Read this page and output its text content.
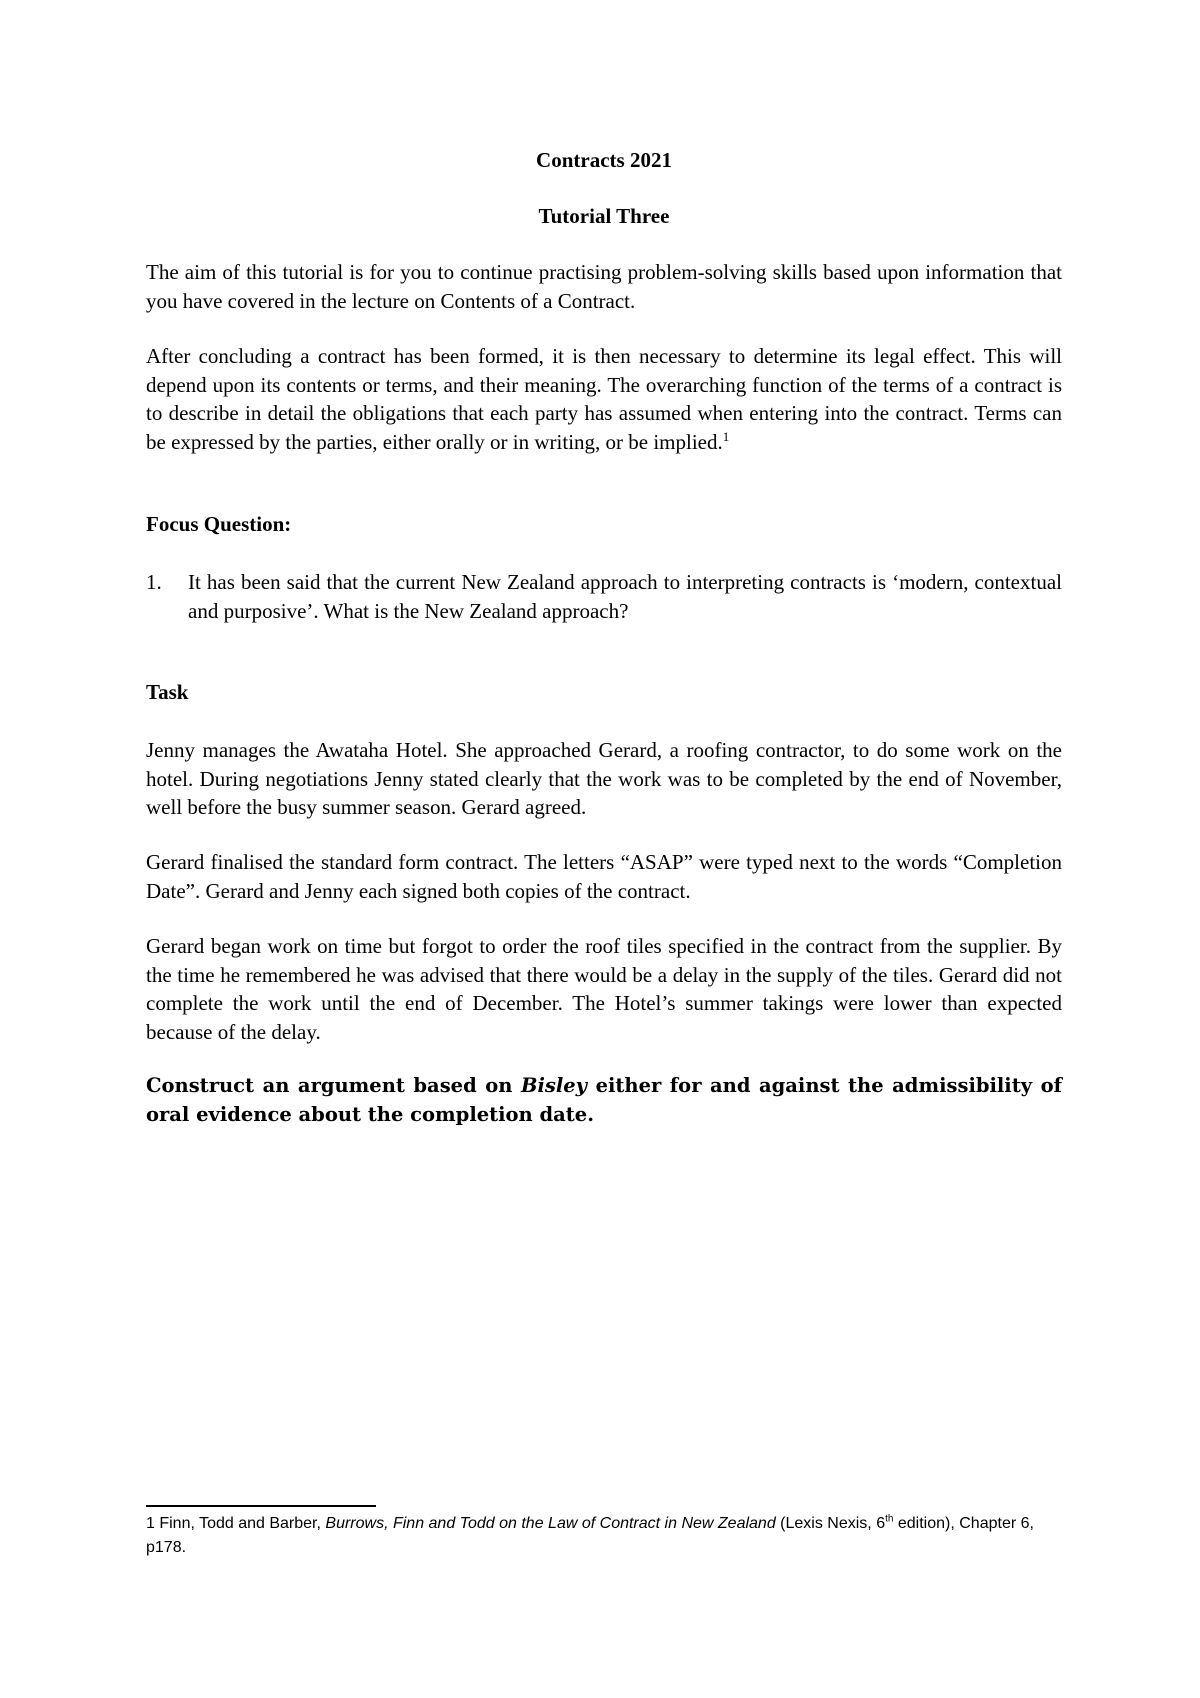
Contracts 2021

Tutorial Three

The aim of this tutorial is for you to continue practising problem-solving skills based upon information that you have covered in the lecture on Contents of a Contract.

After concluding a contract has been formed, it is then necessary to determine its legal effect. This will depend upon its contents or terms, and their meaning. The overarching function of the terms of a contract is to describe in detail the obligations that each party has assumed when entering into the contract. Terms can be expressed by the parties, either orally or in writing, or be implied.$^1$

Focus Question:

1. It has been said that the current New Zealand approach to interpreting contracts is ‘modern, contextual and purposive’. What is the New Zealand approach?

Task

Jenny manages the Awataha Hotel. She approached Gerard, a roofing contractor, to do some work on the hotel. During negotiations Jenny stated clearly that the work was to be completed by the end of November, well before the busy summer season. Gerard agreed.

Gerard finalised the standard form contract. The letters “ASAP” were typed next to the words “Completion Date”. Gerard and Jenny each signed both copies of the contract.

Gerard began work on time but forgot to order the roof tiles specified in the contract from the supplier. By the time he remembered he was advised that there would be a delay in the supply of the tiles. Gerard did not complete the work until the end of December. The Hotel’s summer takings were lower than expected because of the delay.

Construct an argument based on Bisley either for and against the admissibility of oral evidence about the completion date.

1 Finn, Todd and Barber, Burrows, Finn and Todd on the Law of Contract in New Zealand (Lexis Nexis, 6th edition), Chapter 6, p178.
